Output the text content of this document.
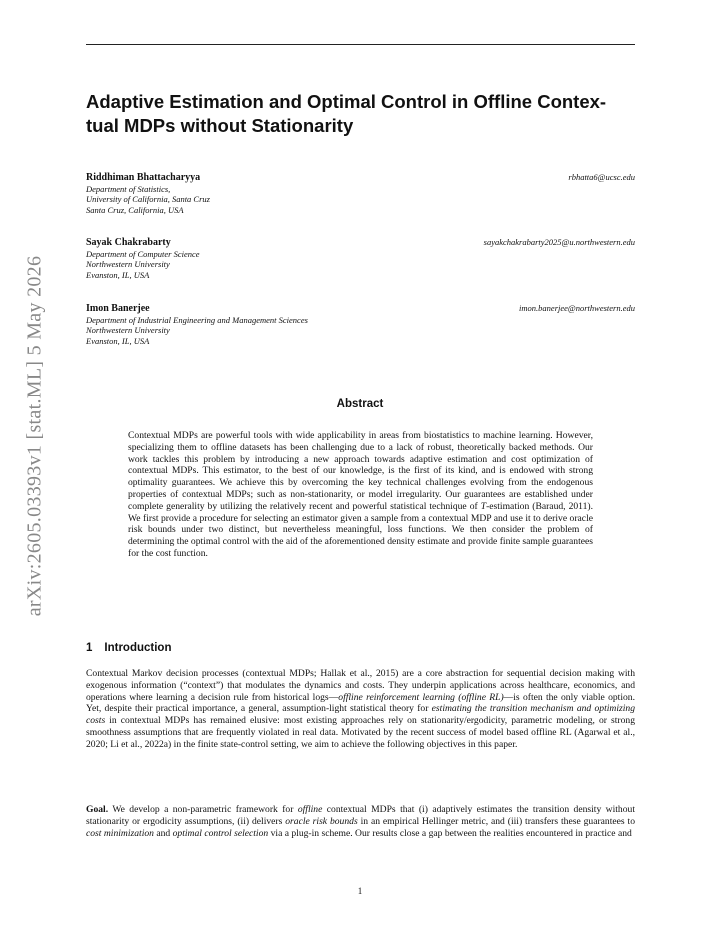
arXiv:2605.03393v1 [stat.ML] 5 May 2026
Adaptive Estimation and Optimal Control in Offline Contex-
tual MDPs without Stationarity
Riddhiman Bhattacharyya	rbhatta6@ucsc.edu
Department of Statistics,
University of California, Santa Cruz
Santa Cruz, California, USA
Sayak Chakrabarty	sayakchakrabarty2025@u.northwestern.edu
Department of Computer Science
Northwestern University
Evanston, IL, USA
Imon Banerjee	imon.banerjee@northwestern.edu
Department of Industrial Engineering and Management Sciences
Northwestern University
Evanston, IL, USA
Abstract

Contextual MDPs are powerful tools with wide applicability in areas from biostatistics to machine learning. However, specializing them to offline datasets has been challenging due to a lack of robust, theoretically backed methods. Our work tackles this problem by introducing a new approach towards adaptive estimation and cost optimization of contextual MDPs. This estimator, to the best of our knowledge, is the first of its kind, and is endowed with strong optimality guarantees. We achieve this by overcoming the key technical challenges evolving from the endogenous properties of contextual MDPs; such as non-stationarity, or model irregularity. Our guarantees are established under complete generality by utilizing the relatively recent and powerful statistical technique of T-estimation (Baraud, 2011). We first provide a procedure for selecting an estimator given a sample from a contextual MDP and use it to derive oracle risk bounds under two distinct, but nevertheless meaningful, loss functions. We then consider the problem of determining the optimal control with the aid of the aforementioned density estimate and provide finite sample guarantees for the cost function.

1 Introduction

Contextual Markov decision processes (contextual MDPs; Hallak et al., 2015) are a core abstraction for sequential decision making with exogenous information (“context”) that modulates the dynamics and costs. They underpin applications across healthcare, economics, and operations where learning a decision rule from historical logs—offline reinforcement learning (offline RL)—is often the only viable option. Yet, despite their practical importance, a general, assumption-light statistical theory for estimating the transition mechanism and optimizing costs in contextual MDPs has remained elusive: most existing approaches rely on stationarity/ergodicity, parametric modeling, or strong smoothness assumptions that are frequently violated in real data. Motivated by the recent success of model based offline RL (Agarwal et al., 2020; Li et al., 2022a) in the finite state-control setting, we aim to achieve the following objectives in this paper.

Goal. We develop a non-parametric framework for offline contextual MDPs that (i) adaptively estimates the transition density without stationarity or ergodicity assumptions, (ii) delivers oracle risk bounds in an empirical Hellinger metric, and (iii) transfers these guarantees to cost minimization and optimal control selection via a plug-in scheme. Our results close a gap between the realities encountered in practice and

1
